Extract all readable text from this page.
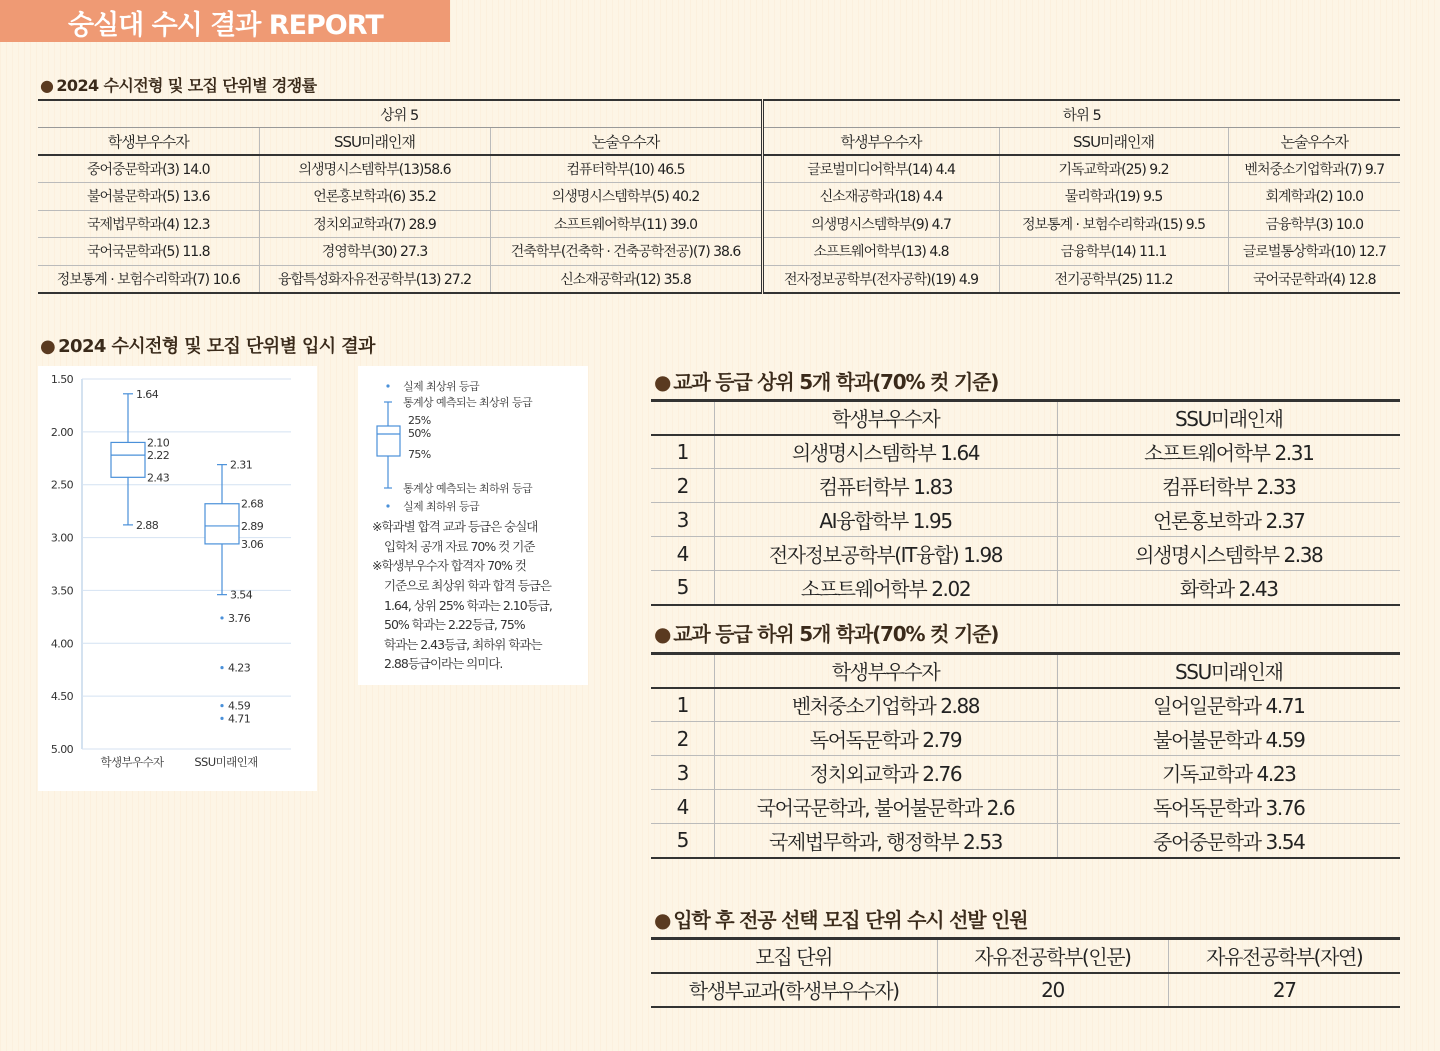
숭실대 수시 결과 REPORT
● 2024 수시전형 및 모집 단위별 경쟁률
상위 5			하위 5		
학생부우수자	SSU미래인재	논술우수자	학생부우수자	SSU미래인재	논술우수자
중어중문학과(3) 14.0	의생명시스템학부(13)58.6	컴퓨터학부(10) 46.5	글로벌미디어학부(14) 4.4	기독교학과(25) 9.2	벤처중소기업학과(7) 9.7
불어불문학과(5) 13.6	언론홍보학과(6) 35.2	의생명시스템학부(5) 40.2	신소재공학과(18) 4.4	물리학과(19) 9.5	회계학과(2) 10.0
국제법무학과(4) 12.3	정치외교학과(7) 28.9	소프트웨어학부(11) 39.0	의생명시스템학부(9) 4.7	정보통계 · 보험수리학과(15) 9.5	금융학부(3) 10.0
국어국문학과(5) 11.8	경영학부(30) 27.3	건축학부(건축학 · 건축공학전공)(7) 38.6	소프트웨어학부(13) 4.8	금융학부(14) 11.1	글로벌통상학과(10) 12.7
정보통계 · 보험수리학과(7) 10.6	융합특성화자유전공학부(13) 27.2	신소재공학과(12) 35.8	전자정보공학부(전자공학)(19) 4.9	전기공학부(25) 11.2	국어국문학과(4) 12.8
● 2024 수시전형 및 모집 단위별 입시 결과
1.50
2.00
2.50
3.00
3.50
4.00
4.50
5.00
1.64
2.10
2.22
2.43
2.88
학생부우수자
2.31
2.68
2.89
3.06
3.54
3.76
4.23
4.59
4.71
SSU미래인재
실제 최상위 등급
통계상 예측되는 최상위 등급
25%
50%
75%
통계상 예측되는 최하위 등급
실제 최하위 등급
※학과별 합격 교과 등급은 숭실대
입학처 공개 자료 70% 컷 기준
※학생부우수자 합격자 70% 컷
기준으로 최상위 학과 합격 등급은
1.64, 상위 25% 학과는 2.10등급,
50% 학과는 2.22등급, 75%
학과는 2.43등급, 최하위 학과는
2.88등급이라는 의미다.
● 교과 등급 상위 5개 학과(70% 컷 기준)
	학생부우수자	SSU미래인재
1	의생명시스템학부 1.64	소프트웨어학부 2.31
2	컴퓨터학부 1.83	컴퓨터학부 2.33
3	AI융합학부 1.95	언론홍보학과 2.37
4	전자정보공학부(IT융합) 1.98	의생명시스템학부 2.38
5	소프트웨어학부 2.02	화학과 2.43
● 교과 등급 하위 5개 학과(70% 컷 기준)
	학생부우수자	SSU미래인재
1	벤처중소기업학과 2.88	일어일문학과 4.71
2	독어독문학과 2.79	불어불문학과 4.59
3	정치외교학과 2.76	기독교학과 4.23
4	국어국문학과, 불어불문학과 2.6	독어독문학과 3.76
5	국제법무학과, 행정학부 2.53	중어중문학과 3.54
● 입학 후 전공 선택 모집 단위 수시 선발 인원
모집 단위	자유전공학부(인문)	자유전공학부(자연)
학생부교과(학생부우수자)	20	27
